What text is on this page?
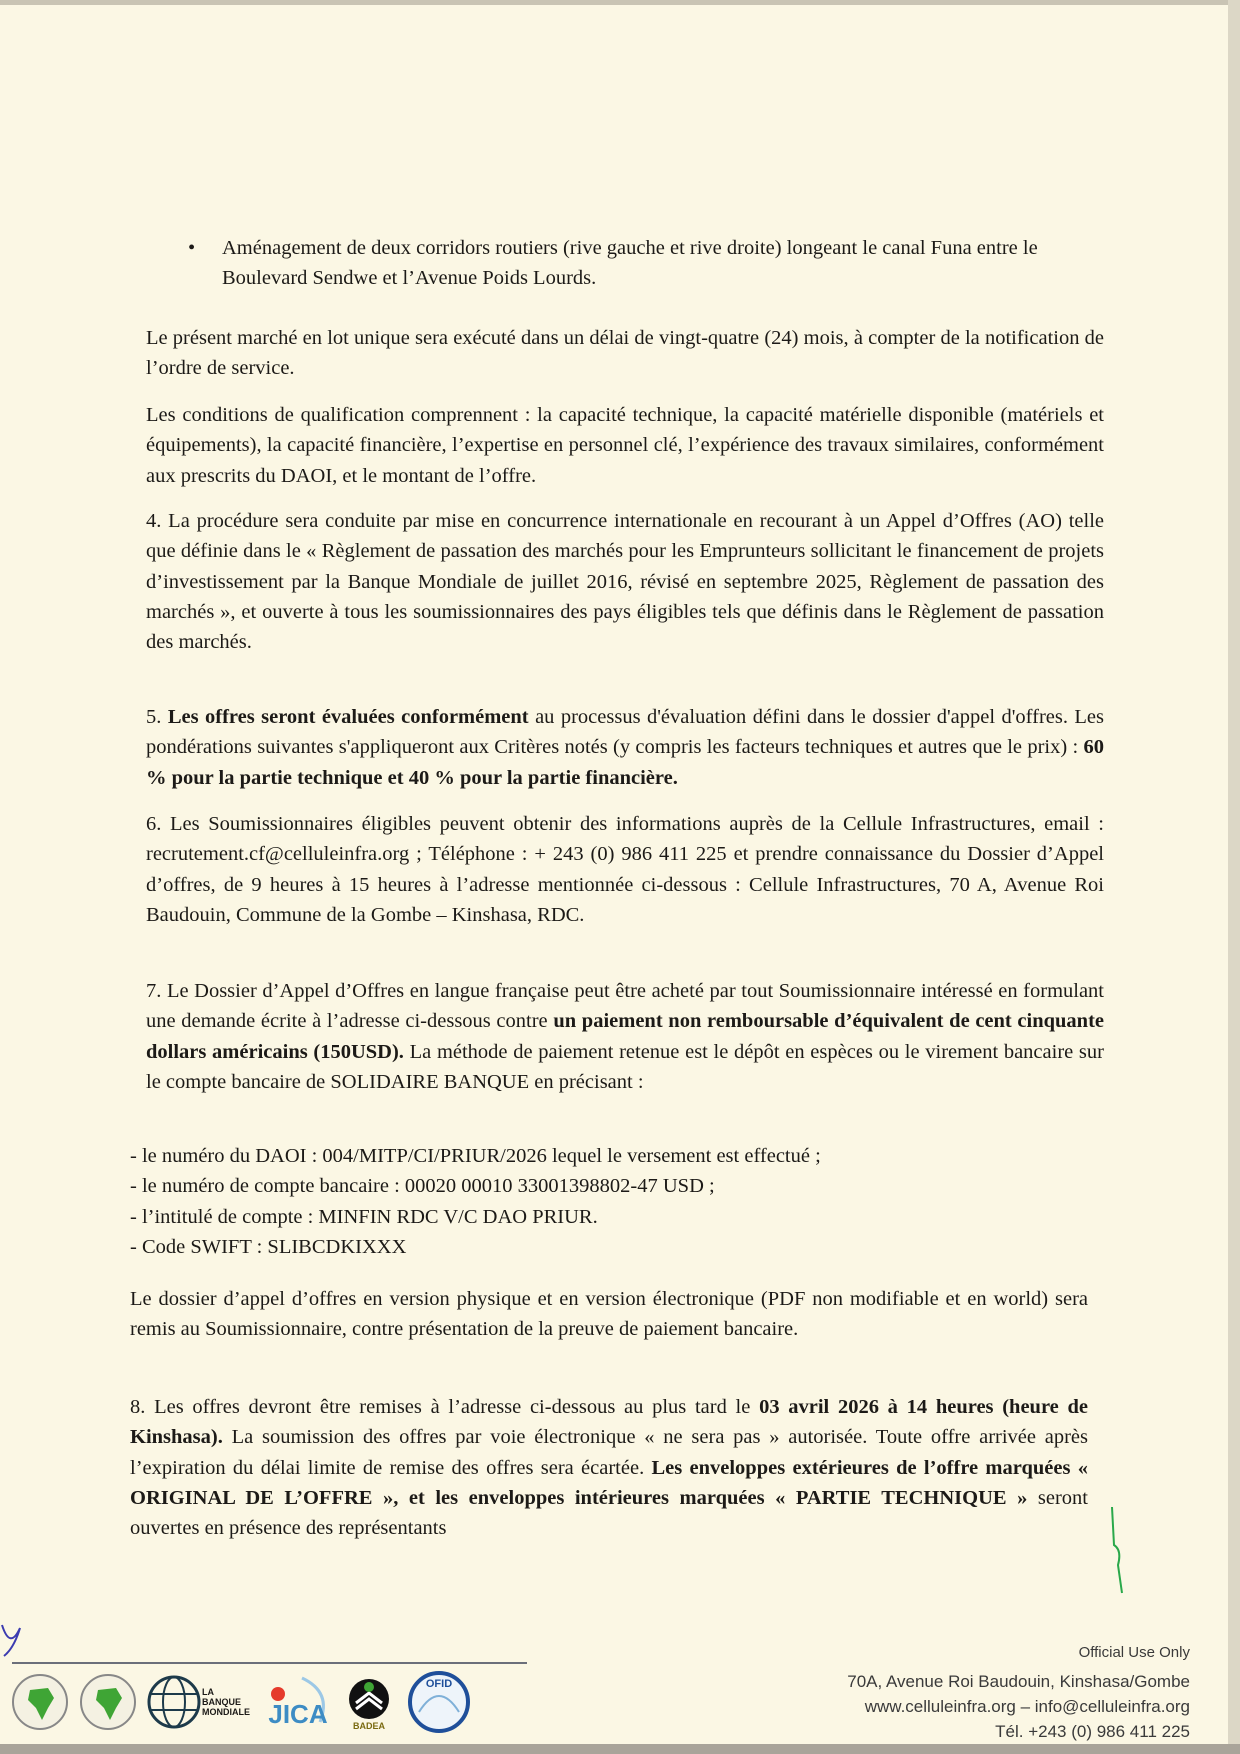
• Aménagement de deux corridors routiers (rive gauche et rive droite) longeant le canal Funa entre le Boulevard Sendwe et l’Avenue Poids Lourds.

Le présent marché en lot unique sera exécuté dans un délai de vingt-quatre (24) mois, à compter de la notification de l’ordre de service.

Les conditions de qualification comprennent : la capacité technique, la capacité matérielle disponible (matériels et équipements), la capacité financière, l’expertise en personnel clé, l’expérience des travaux similaires, conformément aux prescrits du DAOI, et le montant de l’offre.

4. La procédure sera conduite par mise en concurrence internationale en recourant à un Appel d’Offres (AO) telle que définie dans le « Règlement de passation des marchés pour les Emprunteurs sollicitant le financement de projets d’investissement par la Banque Mondiale de juillet 2016, révisé en septembre 2025, Règlement de passation des marchés », et ouverte à tous les soumissionnaires des pays éligibles tels que définis dans le Règlement de passation des marchés.

5. Les offres seront évaluées conformément au processus d'évaluation défini dans le dossier d'appel d'offres. Les pondérations suivantes s'appliqueront aux Critères notés (y compris les facteurs techniques et autres que le prix) : 60 % pour la partie technique et 40 % pour la partie financière.

6. Les Soumissionnaires éligibles peuvent obtenir des informations auprès de la Cellule Infrastructures, email : recrutement.cf@celluleinfra.org ; Téléphone : + 243 (0) 986 411 225 et prendre connaissance du Dossier d’Appel d’offres, de 9 heures à 15 heures à l’adresse mentionnée ci-dessous : Cellule Infrastructures, 70 A, Avenue Roi Baudouin, Commune de la Gombe – Kinshasa, RDC.

7. Le Dossier d’Appel d’Offres en langue française peut être acheté par tout Soumissionnaire intéressé en formulant une demande écrite à l’adresse ci-dessous contre un paiement non remboursable d’équivalent de cent cinquante dollars américains (150USD). La méthode de paiement retenue est le dépôt en espèces ou le virement bancaire sur le compte bancaire de SOLIDAIRE BANQUE en précisant :

- le numéro du DAOI : 004/MITP/CI/PRIUR/2026 lequel le versement est effectué ;
- le numéro de compte bancaire : 00020 00010 33001398802-47 USD ;
- l’intitulé de compte : MINFIN RDC V/C DAO PRIUR.
- Code SWIFT : SLIBCDKIXXX

Le dossier d’appel d’offres en version physique et en version électronique (PDF non modifiable et en world) sera remis au Soumissionnaire, contre présentation de la preuve de paiement bancaire.

8. Les offres devront être remises à l’adresse ci-dessous au plus tard le 03 avril 2026 à 14 heures (heure de Kinshasa). La soumission des offres par voie électronique « ne sera pas » autorisée. Toute offre arrivée après l’expiration du délai limite de remise des offres sera écartée. Les enveloppes extérieures de l’offre marquées « ORIGINAL DE L’OFFRE », et les enveloppes intérieures marquées « PARTIE TECHNIQUE » seront ouvertes en présence des représentants

LA BANQUE MONDIALE JICA	BADEA
OFID
Official Use Only
70A, Avenue Roi Baudouin, Kinshasa/Gombe
www.celluleinfra.org – info@celluleinfra.org
Tél. +243 (0) 986 411 225
